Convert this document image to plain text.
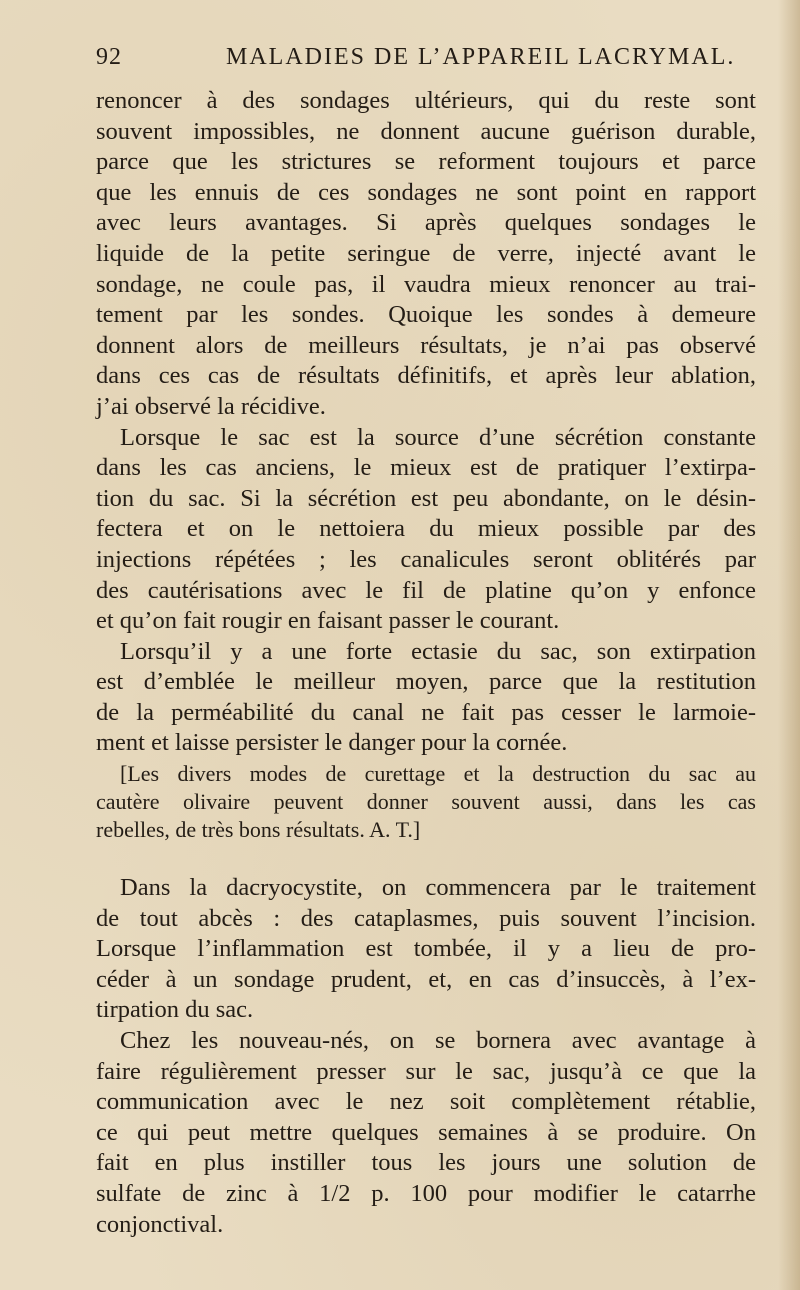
92	MALADIES DE L’APPAREIL LACRYMAL.
renoncer à des sondages ultérieurs, qui du reste sont
souvent impossibles, ne donnent aucune guérison durable,
parce que les strictures se reforment toujours et parce
que les ennuis de ces sondages ne sont point en rapport
avec leurs avantages. Si après quelques sondages le
liquide de la petite seringue de verre, injecté avant le
sondage, ne coule pas, il vaudra mieux renoncer au trai-
tement par les sondes. Quoique les sondes à demeure
donnent alors de meilleurs résultats, je n’ai pas observé
dans ces cas de résultats définitifs, et après leur ablation,
j’ai observé la récidive.
Lorsque le sac est la source d’une sécrétion constante
dans les cas anciens, le mieux est de pratiquer l’extirpa-
tion du sac. Si la sécrétion est peu abondante, on le désin-
fectera et on le nettoiera du mieux possible par des
injections répétées ; les canalicules seront oblitérés par
des cautérisations avec le fil de platine qu’on y enfonce
et qu’on fait rougir en faisant passer le courant.
Lorsqu’il y a une forte ectasie du sac, son extirpation
est d’emblée le meilleur moyen, parce que la restitution
de la perméabilité du canal ne fait pas cesser le larmoie-
ment et laisse persister le danger pour la cornée.
[Les divers modes de curettage et la destruction du sac au
cautère olivaire peuvent donner souvent aussi, dans les cas
rebelles, de très bons résultats. A. T.]
Dans la dacryocystite, on commencera par le traitement
de tout abcès : des cataplasmes, puis souvent l’incision.
Lorsque l’inflammation est tombée, il y a lieu de pro-
céder à un sondage prudent, et, en cas d’insuccès, à l’ex-
tirpation du sac.
Chez les nouveau-nés, on se bornera avec avantage à
faire régulièrement presser sur le sac, jusqu’à ce que la
communication avec le nez soit complètement rétablie,
ce qui peut mettre quelques semaines à se produire. On
fait en plus instiller tous les jours une solution de
sulfate de zinc à 1/2 p. 100 pour modifier le catarrhe
conjonctival.
